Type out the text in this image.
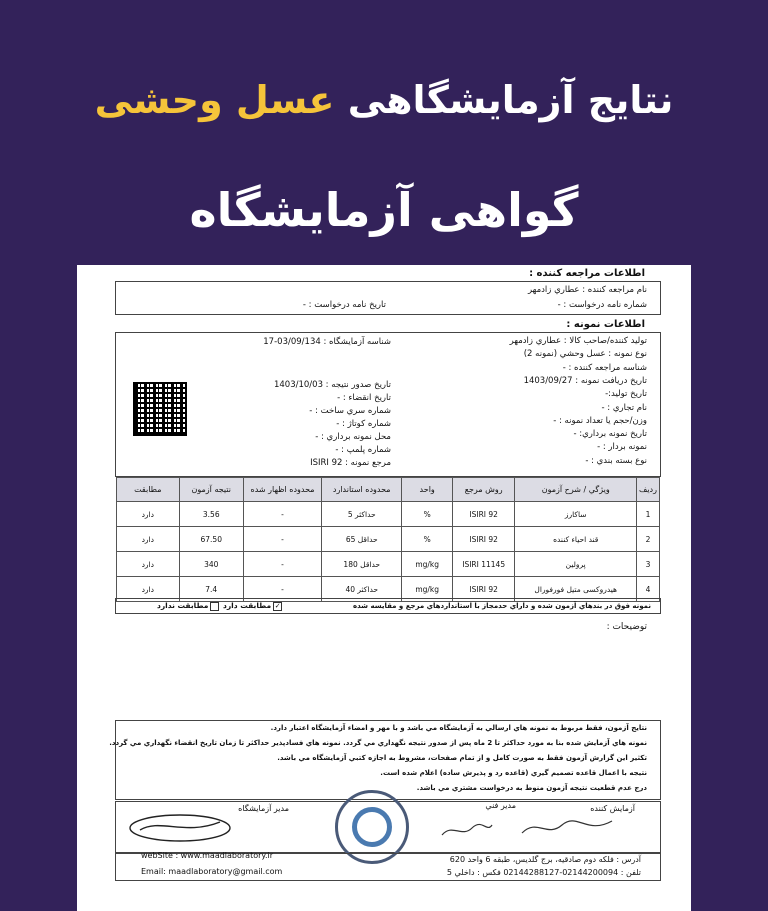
نتایج آزمایشگاهی عسل وحشی
گواهی آزمایشگاه
اطلاعات مراجعه کننده :
نام مراجعه کننده : عطاري زادمهر
شماره نامه درخواست : -
تاریخ نامه درخواست : -
اطلاعات نمونه :
تولید کننده/صاحب کالا : عطاري زادمهر
نوع نمونه : عسل وحشي (نمونه 2)
شناسه مراجعه کننده : -
تاریخ دریافت نمونه : 1403/09/27
تاریخ تولید:-
نام تجاري : -
وزن/حجم یا تعداد نمونه : -
تاریخ نمونه برداري: -
نمونه بردار : -
نوع بسته بندي : -
شناسه آزمایشگاه : 03/09/134-17
تاریخ صدور نتیجه : 1403/10/03
تاریخ انقضاء : -
شماره سري ساخت : -
شماره کوتاژ : -
محل نمونه برداري : -
شماره پلمپ : -
مرجع نمونه : ISIRI 92
ردیف	ويژگي / شرح آزمون	روش مرجع	واحد	محدوده استاندارد	محدوده اظهار شده	نتیجه آزمون	مطابقت
1	ساکارز	ISIRI 92	%	حداکثر 5	-	3.56	دارد
2	قند احیاء کننده	ISIRI 92	%	حداقل 65	-	67.50	دارد
3	پرولین	ISIRI 11145	mg/kg	حداقل 180	-	340	دارد
4	هیدروکسی متیل فورفورال	ISIRI 92	mg/kg	حداکثر 40	-	7.4	دارد
نمونه فوق در بندهاي آزمون شده و داراي حدمجاز با استانداردهاي مرجع و مقایسه شده
✓مطابقت دارد
مطابقت ندارد
توضیحات :
نتایج آزمون، فقط مربوط به نمونه هاي ارسالي به آزمایشگاه مي باشد و با مهر و امضاء آزمایشگاه اعتبار دارد.
نمونه هاي آزمایش شده بنا به مورد حداکثر تا 2 ماه پس از صدور نتیجه نگهداري مي گردد. نمونه هاي فسادپذیر حداکثر تا زمان تاریخ انقضاء نگهداري مي گردد.
تکثیر این گزارش آزمون فقط به صورت کامل و از تمام صفحات، مشروط به اجازه کتبي آزمایشگاه مي باشد.
نتیجه با اعمال قاعده تصمیم گیري (قاعده رد و پذیرش ساده) اعلام شده است.
درج عدم قطعیت نتیجه آزمون منوط به درخواست مشتري مي باشد.
آزمایش کننده
مدیر فني
مدیر آزمایشگاه
آدرس : فلکه دوم صادقیه، برج گلدیس، طبقه 6 واحد 620
تلفن : 02144200094-02144288127 فکس : داخلي 5
webSite : www.maadlaboratory.ir
Email: maadlaboratory@gmail.com
